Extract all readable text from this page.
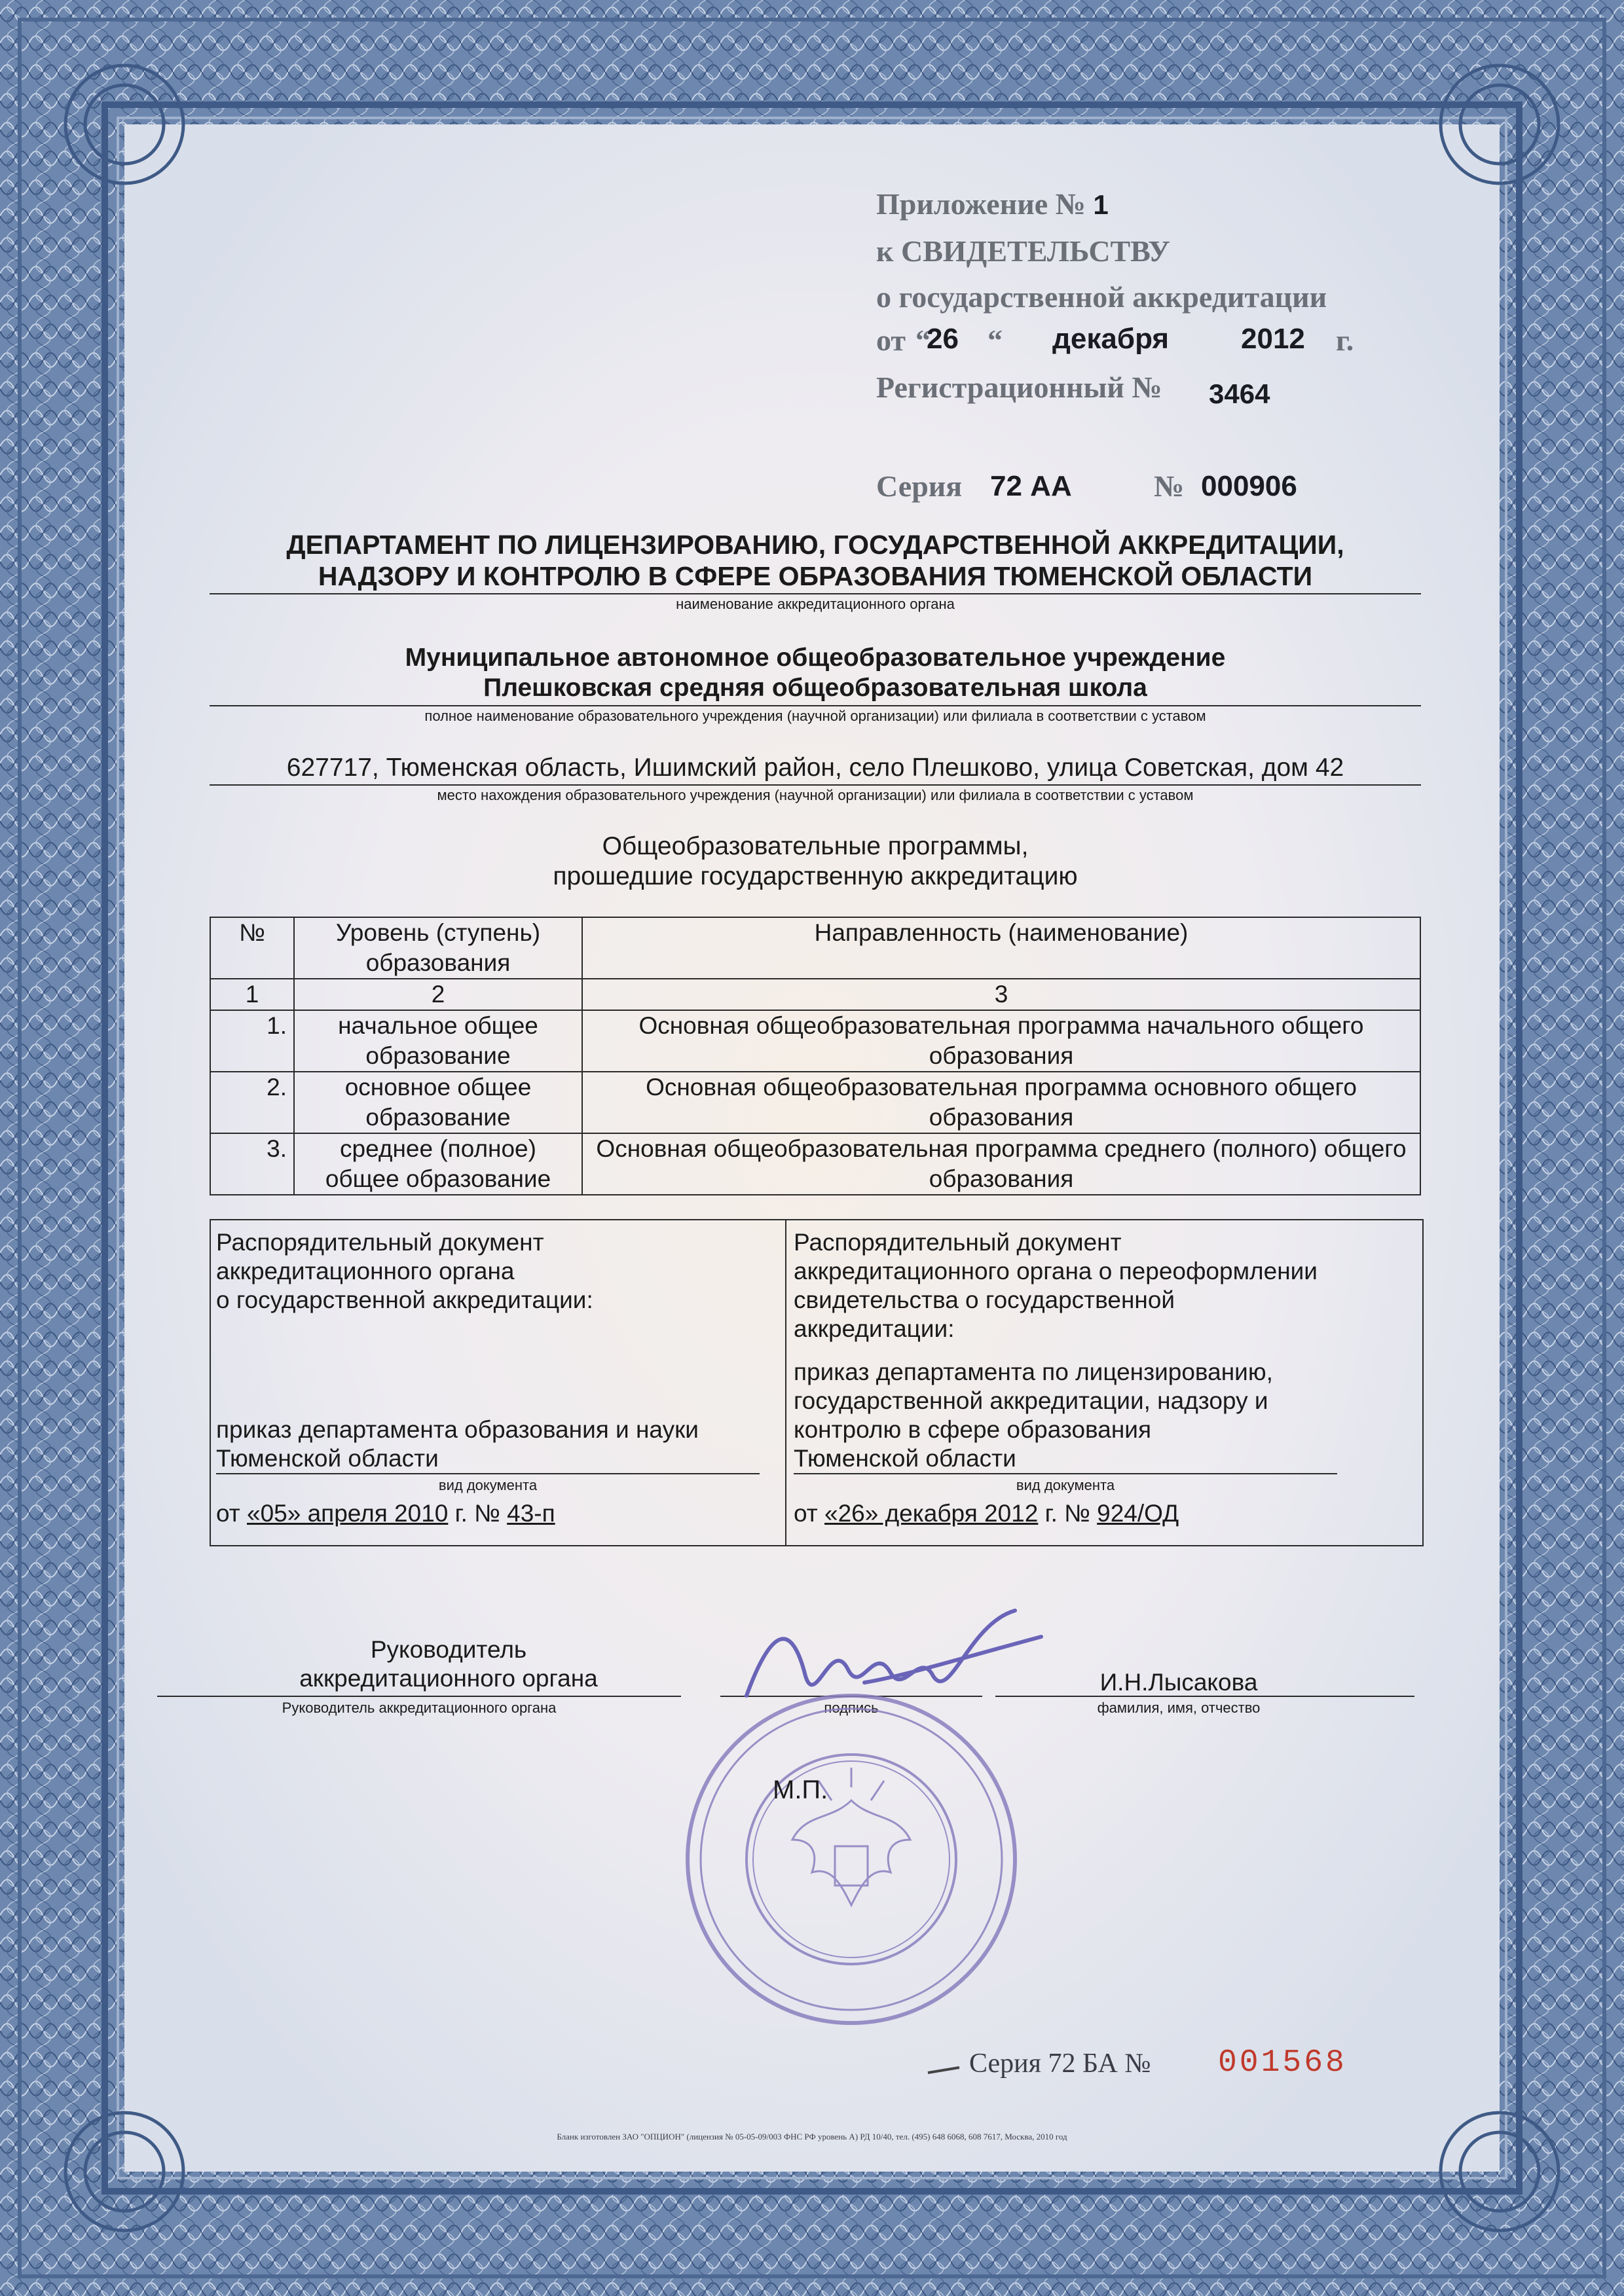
Приложение № 1
к СВИДЕТЕЛЬСТВУ
о государственной аккредитации
от “
26 “ декабря 2012 г.
Регистрационный № 3464
Серия 72 АА	№ 000906
ДЕПАРТАМЕНТ ПО ЛИЦЕНЗИРОВАНИЮ, ГОСУДАРСТВЕННОЙ АККРЕДИТАЦИИ,
НАДЗОРУ И КОНТРОЛЮ В СФЕРЕ ОБРАЗОВАНИЯ ТЮМЕНСКОЙ ОБЛАСТИ
наименование аккредитационного органа
Муниципальное автономное общеобразовательное учреждение
Плешковская средняя общеобразовательная школа
полное наименование образовательного учреждения (научной организации) или филиала в соответствии с уставом
627717, Тюменская область, Ишимский район, село Плешково, улица Советская, дом 42
место нахождения образовательного учреждения (научной организации) или филиала в соответствии с уставом
Общеобразовательные программы,
прошедшие государственную аккредитацию
№	Уровень (ступень) образования	Направленность (наименование)
1	2	3
1.	начальное общее образование	Основная общеобразовательная программа начального общего образования
2.	основное общее образование	Основная общеобразовательная программа основного общего образования
3.	среднее (полное) общее образование	Основная общеобразовательная программа среднего (полного) общего образования
Распорядительный документ
аккредитационного органа
о государственной аккредитации:
приказ департамента образования и науки
Тюменской области
вид документа
от «05» апреля 2010 г. № 43-п
Распорядительный документ
аккредитационного органа о переоформлении
свидетельства о государственной
аккредитации:
приказ департамента по лицензированию,
государственной аккредитации, надзору и
контролю в сфере образования
Тюменской области
вид документа
от «26» декабря 2012 г. № 924/ОД
Руководитель
аккредитационного органа
Руководитель аккредитационного органа	подпись
И.Н.Лысакова
фамилия, имя, отчество
М.П.
Серия 72 БА № 001568
Бланк изготовлен ЗАО "ОПЦИОН" (лицензия № 05-05-09/003 ФНС РФ уровень А) РД 10/40, тел. (495) 648 6068, 608 7617, Москва, 2010 год
